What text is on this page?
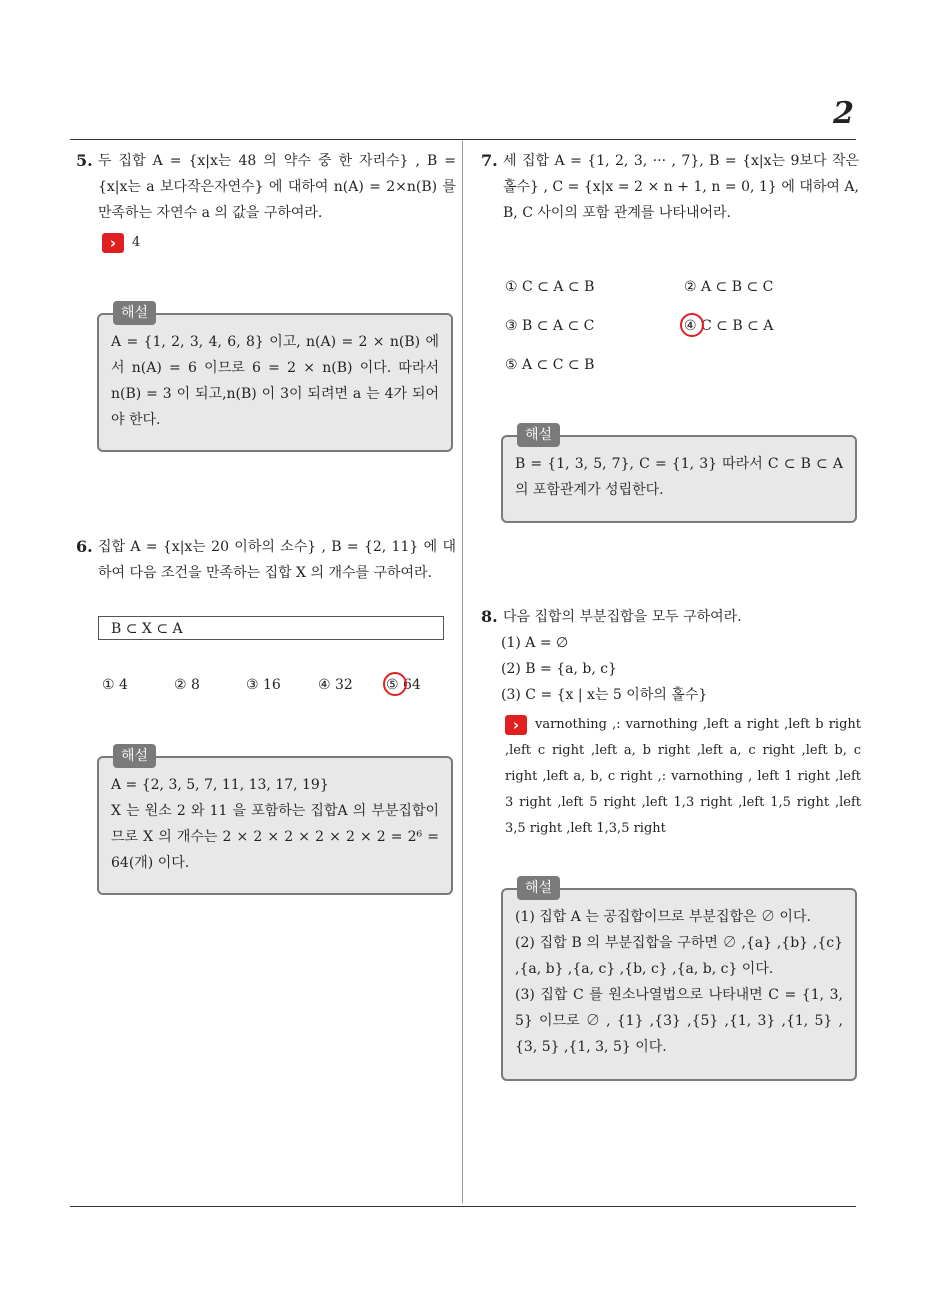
2
5. 두 집합 A = {x|x는 48 의 약수 중 한 자리수} , B = {x|x는 a 보다작은자연수} 에 대하여 n(A) = 2×n(B) 를 만족하는 자연수 a 의 값을 구하여라.
› 4
해설
A = {1, 2, 3, 4, 6, 8} 이고, n(A) = 2 × n(B) 에서 n(A) = 6 이므로 6 = 2 × n(B) 이다. 따라서 n(B) = 3 이 되고,n(B) 이 3이 되려면 a 는 4가 되어야 한다.
6. 집합 A = {x|x는 20 이하의 소수} , B = {2, 11} 에 대하여 다음 조건을 만족하는 집합 X 의 개수를 구하여라.
B ⊂ X ⊂ A
① 4	② 8	③ 16	④ 32 ⑤ 64
해설
A = {2, 3, 5, 7, 11, 13, 17, 19}
X 는 원소 2 와 11 을 포함하는 집합A 의 부분집합이므로 X 의 개수는 2 × 2 × 2 × 2 × 2 × 2 = 2⁶ = 64(개) 이다.
7. 세 집합 A = {1, 2, 3, ··· , 7}, B = {x|x는 9보다 작은 홀수} , C = {x|x = 2 × n + 1, n = 0, 1} 에 대하여 A, B, C 사이의 포함 관계를 나타내어라.
① C ⊂ A ⊂ B	② A ⊂ B ⊂ C
③ B ⊂ A ⊂ C	④ C ⊂ B ⊂ A
⑤ A ⊂ C ⊂ B
해설
B = {1, 3, 5, 7}, C = {1, 3} 따라서 C ⊂ B ⊂ A 의 포함관계가 성립한다.
8. 다음 집합의 부분집합을 모두 구하여라.
(1) A = ∅
(2) B = {a, b, c}
(3) C = {x | x는 5 이하의 홀수}
› varnothing ,: varnothing ,left a right ,left b right ,left c right ,left a, b right ,left a, c right ,left b, c right ,left a, b, c right ,: varnothing , left 1 right ,left 3 right ,left 5 right ,left 1,3 right ,left 1,5 right ,left 3,5 right ,left 1,3,5 right
해설
(1) 집합 A 는 공집합이므로 부분집합은 ∅ 이다.
(2) 집합 B 의 부분집합을 구하면 ∅ ,{a} ,{b} ,{c} ,{a, b} ,{a, c} ,{b, c} ,{a, b, c} 이다.
(3) 집합 C 를 원소나열법으로 나타내면 C = {1, 3, 5} 이므로 ∅ , {1} ,{3} ,{5} ,{1, 3} ,{1, 5} ,{3, 5} ,{1, 3, 5} 이다.
